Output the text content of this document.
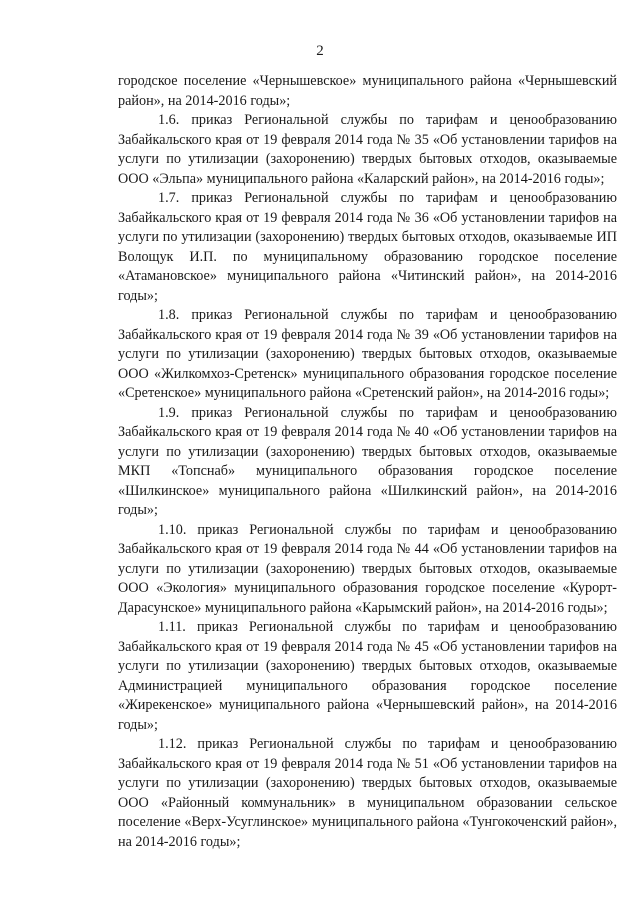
2

городское поселение «Чернышевское» муниципального района «Чернышевский район», на 2014-2016 годы»;

1.6. приказ Региональной службы по тарифам и ценообразованию Забайкальского края от 19 февраля 2014 года № 35 «Об установлении тарифов на услуги по утилизации (захоронению) твердых бытовых отходов, оказываемые ООО «Эльпа» муниципального района «Каларский район», на 2014-2016 годы»;

1.7. приказ Региональной службы по тарифам и ценообразованию Забайкальского края от 19 февраля 2014 года № 36 «Об установлении тарифов на услуги по утилизации (захоронению) твердых бытовых отходов, оказываемые ИП Волощук И.П. по муниципальному образованию городское поселение «Атамановское» муниципального района «Читинский район», на 2014-2016 годы»;

1.8. приказ Региональной службы по тарифам и ценообразованию Забайкальского края от 19 февраля 2014 года № 39 «Об установлении тарифов на услуги по утилизации (захоронению) твердых бытовых отходов, оказываемые ООО «Жилкомхоз-Сретенск» муниципального образования городское поселение «Сретенское» муниципального района «Сретенский район», на 2014-2016 годы»;

1.9. приказ Региональной службы по тарифам и ценообразованию Забайкальского края от 19 февраля 2014 года № 40 «Об установлении тарифов на услуги по утилизации (захоронению) твердых бытовых отходов, оказываемые МКП «Топснаб» муниципального образования городское поселение «Шилкинское» муниципального района «Шилкинский район», на 2014-2016 годы»;

1.10. приказ Региональной службы по тарифам и ценообразованию Забайкальского края от 19 февраля 2014 года № 44 «Об установлении тарифов на услуги по утилизации (захоронению) твердых бытовых отходов, оказываемые ООО «Экология» муниципального образования городское поселение «Курорт-Дарасунское» муниципального района «Карымский район», на 2014-2016 годы»;

1.11. приказ Региональной службы по тарифам и ценообразованию Забайкальского края от 19 февраля 2014 года № 45 «Об установлении тарифов на услуги по утилизации (захоронению) твердых бытовых отходов, оказываемые Администрацией муниципального образования городское поселение «Жирекенское» муниципального района «Чернышевский район», на 2014-2016 годы»;

1.12. приказ Региональной службы по тарифам и ценообразованию Забайкальского края от 19 февраля 2014 года № 51 «Об установлении тарифов на услуги по утилизации (захоронению) твердых бытовых отходов, оказываемые ООО «Районный коммунальник» в муниципальном образовании сельское поселение «Верх-Усуглинское» муниципального района «Тунгокоченский район», на 2014-2016 годы»;
